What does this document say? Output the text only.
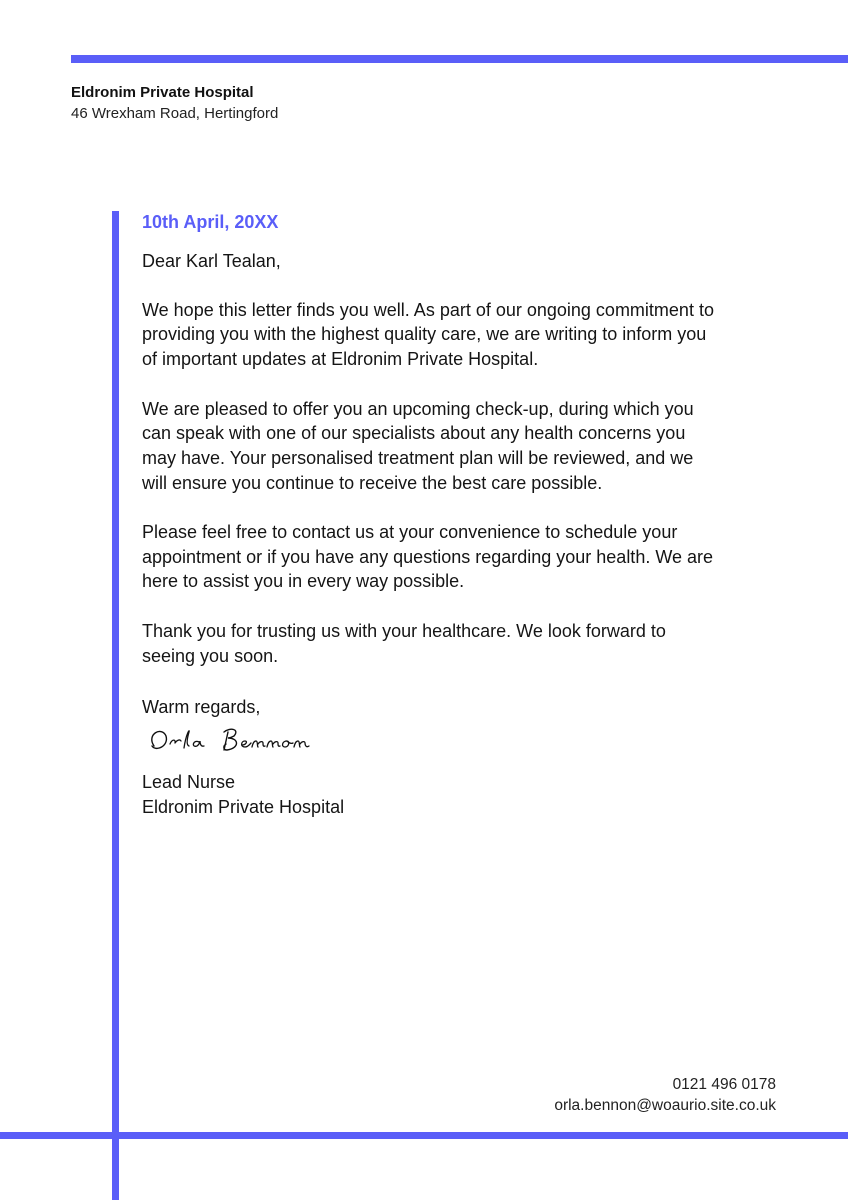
Eldronim Private Hospital
46 Wrexham Road, Hertingford
10th April, 20XX
Dear Karl Tealan,
We hope this letter finds you well. As part of our ongoing commitment to providing you with the highest quality care, we are writing to inform you of important updates at Eldronim Private Hospital.
We are pleased to offer you an upcoming check-up, during which you can speak with one of our specialists about any health concerns you may have. Your personalised treatment plan will be reviewed, and we will ensure you continue to receive the best care possible.
Please feel free to contact us at your convenience to schedule your appointment or if you have any questions regarding your health. We are here to assist you in every way possible.
Thank you for trusting us with your healthcare. We look forward to seeing you soon.
Warm regards,
Lead Nurse
Eldronim Private Hospital
0121 496 0178
orla.bennon@woaurio.site.co.uk
